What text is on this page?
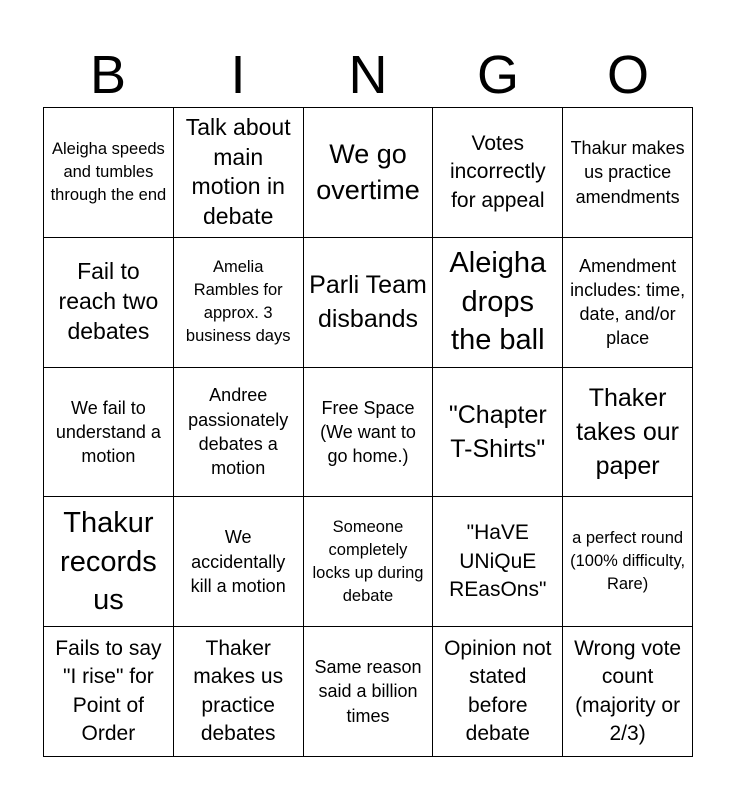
B	I	N	G	O
Aleigha speeds and tumbles through the end
Talk about main motion in debate
We go overtime
Votes incorrectly for appeal
Thakur makes us practice amendments
Fail to reach two debates
Amelia Rambles for approx. 3 business days
Parli Team disbands
Aleigha drops the ball
Amendment includes: time, date, and/or place
We fail to understand a motion
Andree passionately debates a motion
Free Space (We want to go home.)
"Chapter T-Shirts"
Thaker takes our paper
Thakur records us
We accidentally kill a motion
Someone completely locks up during debate
"HaVE UNiQuE REasOns"
a perfect round (100% difficulty, Rare)
Fails to say "I rise" for Point of Order
Thaker makes us practice debates
Same reason said a billion times
Opinion not stated before debate
Wrong vote count (majority or 2/3)
